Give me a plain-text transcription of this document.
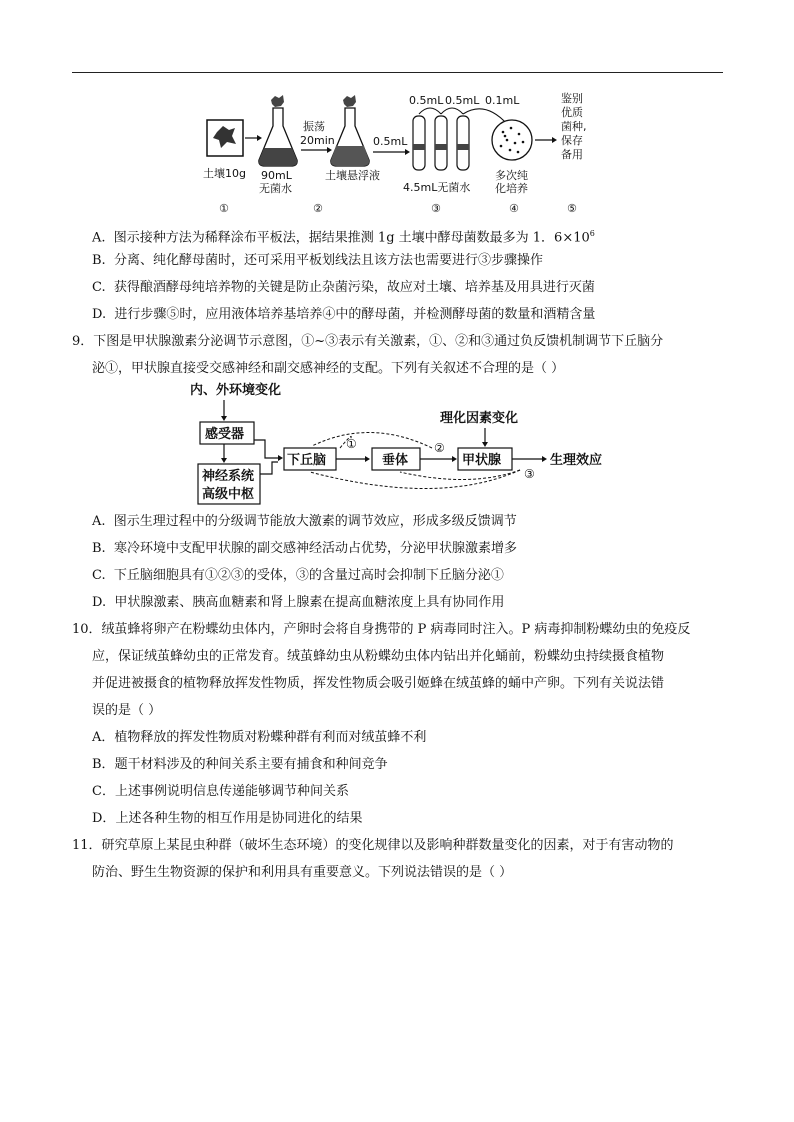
土壤10g 90mL
无菌水
振荡
20min
土壤悬浮液
0.5mL
0.5mL 0.5mL 0.1mL
4.5mL无菌水
多次纯
化培养
鉴别
优质
菌种,
保存
备用
①	②	③	④	⑤
A. 图示接种方法为稀释涂布平板法，据结果推测 1g 土壤中酵母菌数最多为 1．$6\times 10^6$
B. 分离、纯化酵母菌时，还可采用平板划线法且该方法也需要进行③步骤操作
C. 获得酿酒酵母纯培养物的关键是防止杂菌污染，故应对土壤、培养基及用具进行灭菌
D. 进行步骤⑤时，应用液体培养基培养④中的酵母菌，并检测酵母菌的数量和酒精含量
9．下图是甲状腺激素分泌调节示意图，①~③表示有关激素，①、②和③通过负反馈机制调节下丘脑分
泌①，甲状腺直接受交感神经和副交感神经的支配。下列有关叙述不合理的是（ ）
内、外环境变化
感受器
神经系统
高级中枢
下丘脑	垂体	甲状腺
理化因素变化
生理效应
①	②
③
A. 图示生理过程中的分级调节能放大激素的调节效应，形成多级反馈调节
B. 寒冷环境中支配甲状腺的副交感神经活动占优势，分泌甲状腺激素增多
C. 下丘脑细胞具有①②③的受体，③的含量过高时会抑制下丘脑分泌①
D. 甲状腺激素、胰高血糖素和肾上腺素在提高血糖浓度上具有协同作用
10．绒茧蜂将卵产在粉蝶幼虫体内，产卵时会将自身携带的 P 病毒同时注入。P 病毒抑制粉蝶幼虫的免疫反
应，保证绒茧蜂幼虫的正常发育。绒茧蜂幼虫从粉蝶幼虫体内钻出并化蛹前，粉蝶幼虫持续摄食植物
并促进被摄食的植物释放挥发性物质，挥发性物质会吸引姬蜂在绒茧蜂的蛹中产卵。下列有关说法错
误的是（ ）
A．植物释放的挥发性物质对粉蝶种群有利而对绒茧蜂不利
B．题干材料涉及的种间关系主要有捕食和种间竞争
C．上述事例说明信息传递能够调节种间关系
D．上述各种生物的相互作用是协同进化的结果
11．研究草原上某昆虫种群（破坏生态环境）的变化规律以及影响种群数量变化的因素，对于有害动物的
防治、野生生物资源的保护和利用具有重要意义。下列说法错误的是（ ）
